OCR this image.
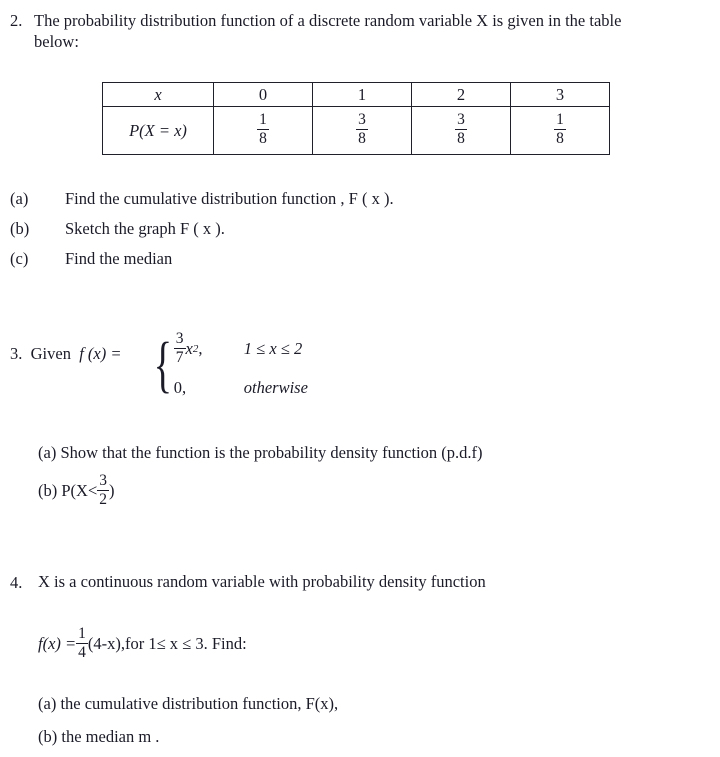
2. The probability distribution function of a discrete random variable X is given in the table
below:
x	0	1	2	3
P(X = x)	$\frac{1}{8}$	$\frac{3}{8}$	$\frac{3}{8}$	$\frac{1}{8}$
(a) Find the cumulative distribution function , F ( x ).
(b) Sketch the graph F ( x ).
(c) Find the median
3. Given f (x) = { $\frac{3}{7}$ x 2 ,	1 ≤ x ≤ 2
0,	otherwise
(a) Show that the function is the probability density function (p.d.f)
(b)
$P(X< \frac{3}{2}$ )
4. X is a continuous random variable with probability density function
$f(x) = \frac{1}{4} (4-x),for$ 1≤ x ≤ 3. Find:
(a) the cumulative distribution function, F(x),
(b) the median m .
